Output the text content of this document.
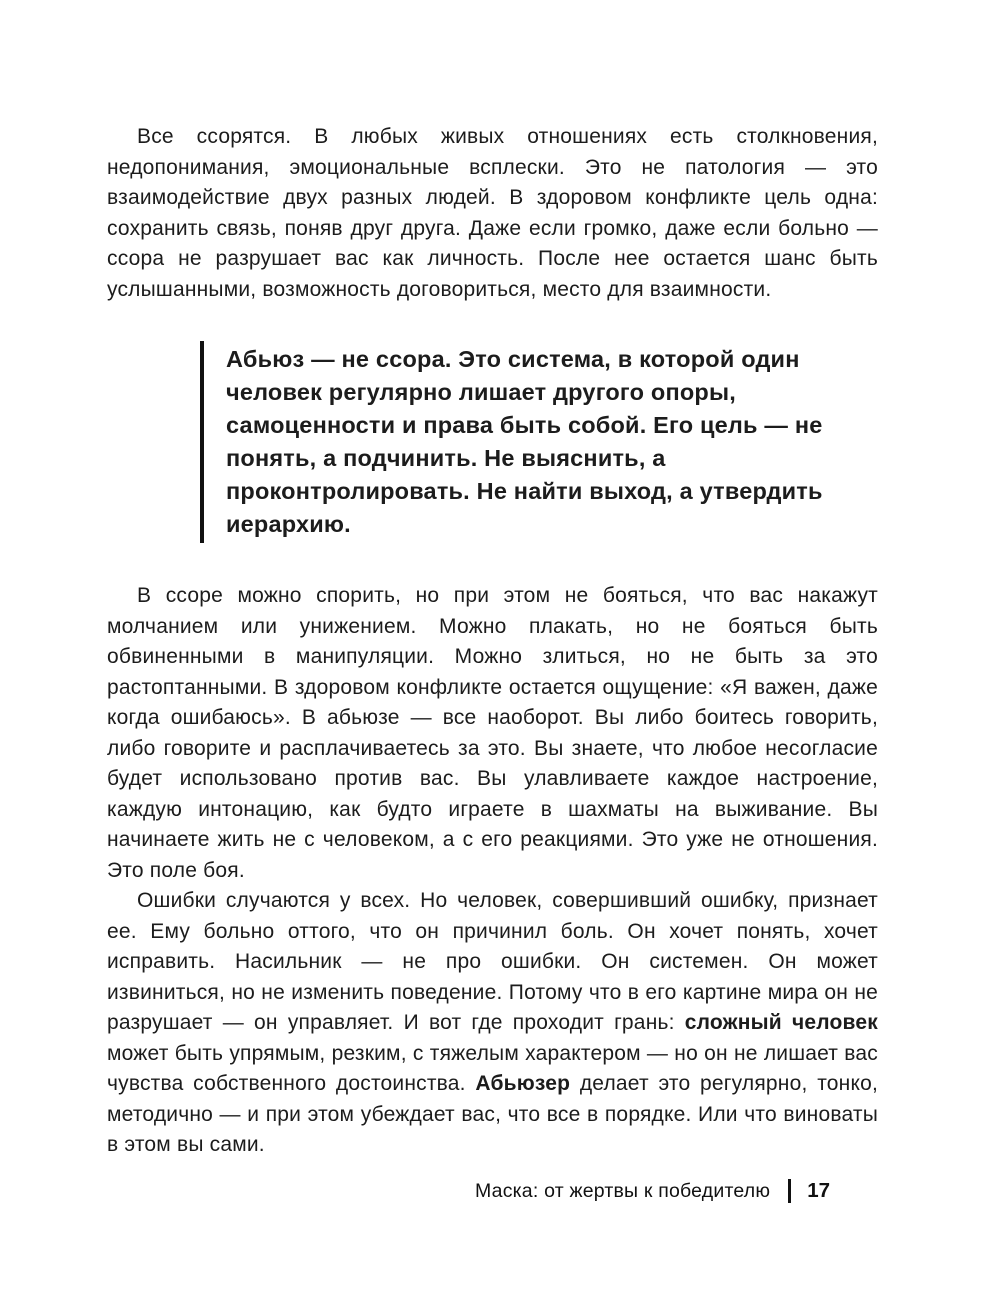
Все ссорятся. В любых живых отношениях есть столкновения, недопонимания, эмоциональные всплески. Это не патология — это взаимодействие двух разных людей. В здоровом конфликте цель одна: сохранить связь, поняв друг друга. Даже если громко, даже если больно — ссора не разрушает вас как личность. После нее остается шанс быть услышанными, возможность договориться, место для взаимности.

Абьюз — не ссора. Это система, в которой один человек регулярно лишает другого опоры, самоценности и права быть собой. Его цель — не понять, а подчинить. Не выяснить, а проконтролировать. Не найти выход, а утвердить иерархию.

В ссоре можно спорить, но при этом не бояться, что вас накажут молчанием или унижением. Можно плакать, но не бояться быть обвиненными в манипуляции. Можно злиться, но не быть за это растоптанными. В здоровом конфликте остается ощущение: «Я важен, даже когда ошибаюсь». В абьюзе — все наоборот. Вы либо боитесь говорить, либо говорите и расплачиваетесь за это. Вы знаете, что любое несогласие будет использовано против вас. Вы улавливаете каждое настроение, каждую интонацию, как будто играете в шахматы на выживание. Вы начинаете жить не с человеком, а с его реакциями. Это уже не отношения. Это поле боя.

Ошибки случаются у всех. Но человек, совершивший ошибку, признает ее. Ему больно оттого, что он причинил боль. Он хочет понять, хочет исправить. Насильник — не про ошибки. Он системен. Он может извиниться, но не изменить поведение. Потому что в его картине мира он не разрушает — он управляет. И вот где проходит грань: сложный человек может быть упрямым, резким, с тяжелым характером — но он не лишает вас чувства собственного достоинства. Абьюзер делает это регулярно, тонко, методично — и при этом убеждает вас, что все в порядке. Или что виноваты в этом вы сами.

Маска: от жертвы к победителю 17
